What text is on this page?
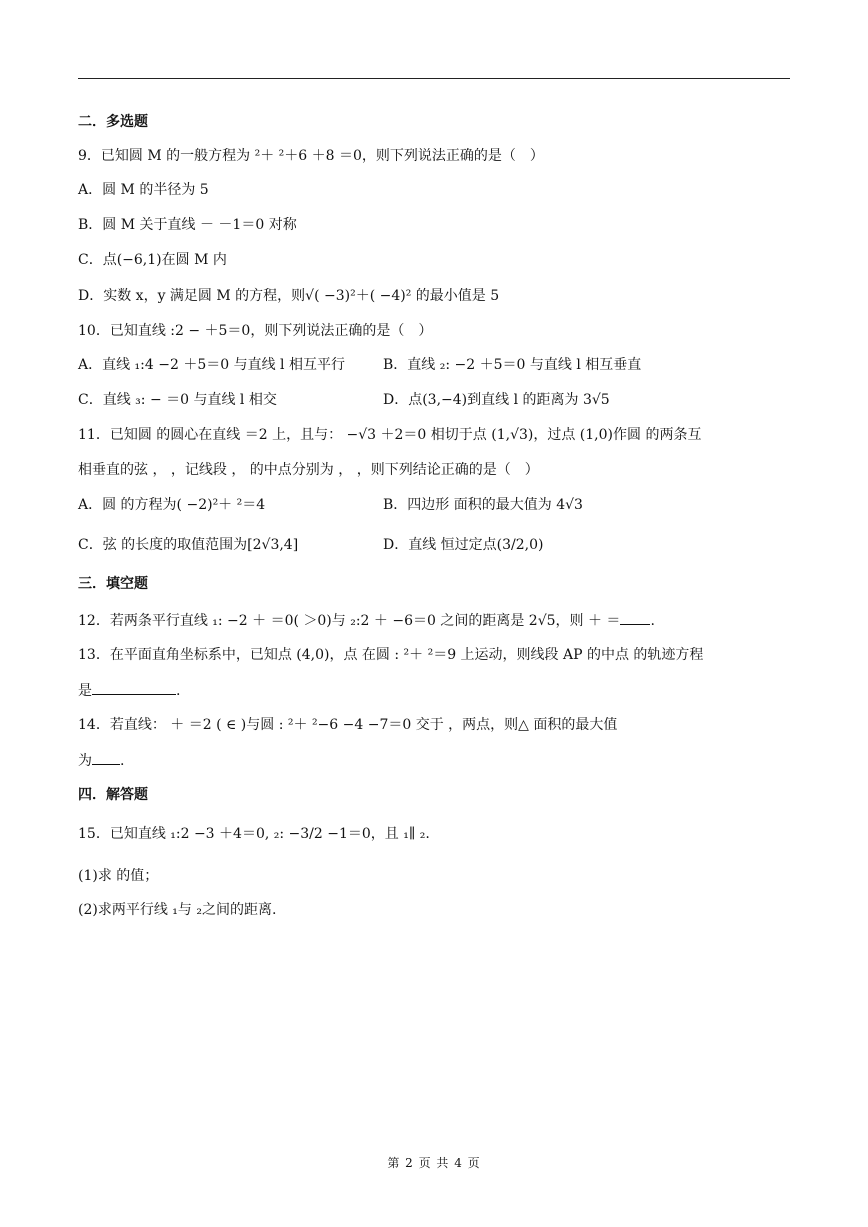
二．多选题
9．已知圆 M 的一般方程为 ²＋ ²＋6 ＋8 ＝0，则下列说法正确的是（　）
A．圆 M 的半径为 5
B．圆 M 关于直线 － －1＝0 对称
C．点(−6,1)在圆 M 内
D．实数 x，y 满足圆 M 的方程，则√( −3)²＋( −4)² 的最小值是 5
10．已知直线 :2 − ＋5＝0，则下列说法正确的是（　）
A．直线 ₁:4 −2 ＋5＝0 与直线 l 相互平行	B．直线 ₂: −2 ＋5＝0 与直线 l 相互垂直
C．直线 ₃: − ＝0 与直线 l 相交	D．点(3,−4)到直线 l 的距离为 3√5
11．已知圆 的圆心在直线 ＝2 上，且与： −√3 ＋2＝0 相切于点 (1,√3)，过点 (1,0)作圆 的两条互
相垂直的弦 ， ，记线段 ， 的中点分别为 ， ，则下列结论正确的是（　）
A．圆 的方程为( −2)²＋ ²＝4	B．四边形 面积的最大值为 4√3
C．弦 的长度的取值范围为[2√3,4]	D．直线 恒过定点(3/2,0)
三．填空题
12．若两条平行直线 ₁: −2 ＋ ＝0( ＞0)与 ₂:2 ＋ −6＝0 之间的距离是 2√5，则 ＋ ＝ .
13．在平面直角坐标系中，已知点 (4,0)，点 在圆 : ²＋ ²＝9 上运动，则线段 AP 的中点 的轨迹方程
是	.
14．若直线： ＋ ＝2 ( ∈ )与圆 : ²＋ ²−6 −4 −7＝0 交于 ，两点，则△ 面积的最大值
为 .
四．解答题
15．已知直线 ₁:2 −3 ＋4＝0, ₂: −3/2 −1＝0，且 ₁∥ ₂.
(1)求 的值；
(2)求两平行线 ₁与 ₂之间的距离.
第 2 页 共 4 页
